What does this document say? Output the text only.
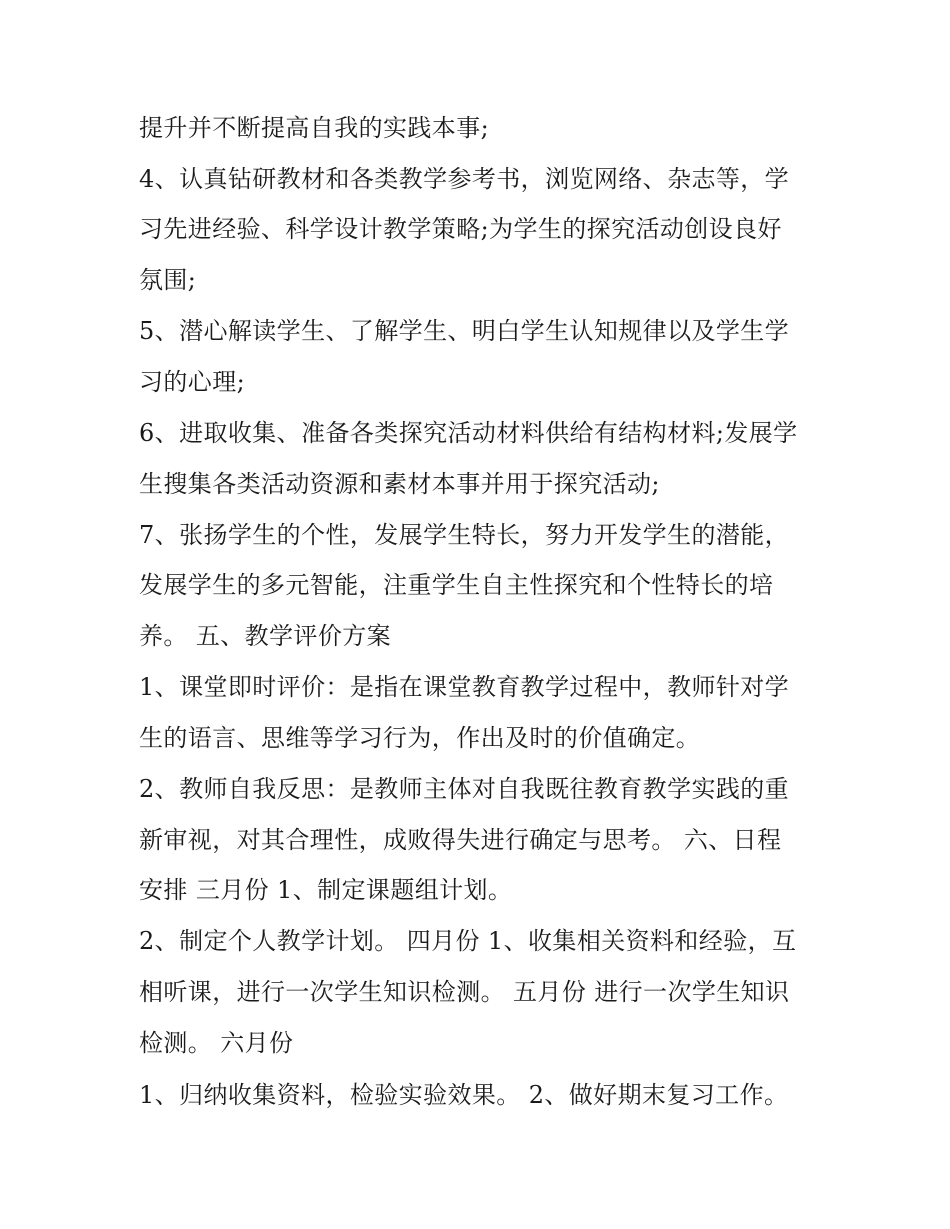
提升并不断提高自我的实践本事;
4、认真钻研教材和各类教学参考书，浏览网络、杂志等，学
习先进经验、科学设计教学策略;为学生的探究活动创设良好
氛围;
5、潜心解读学生、了解学生、明白学生认知规律以及学生学
习的心理;
6、进取收集、准备各类探究活动材料供给有结构材料;发展学
生搜集各类活动资源和素材本事并用于探究活动;
7、张扬学生的个性，发展学生特长，努力开发学生的潜能，
发展学生的多元智能，注重学生自主性探究和个性特长的培
养。 五、教学评价方案
1、课堂即时评价：是指在课堂教育教学过程中，教师针对学
生的语言、思维等学习行为，作出及时的价值确定。
2、教师自我反思：是教师主体对自我既往教育教学实践的重
新审视，对其合理性，成败得失进行确定与思考。 六、日程
安排 三月份 1、制定课题组计划。
2、制定个人教学计划。 四月份 1、收集相关资料和经验，互
相听课，进行一次学生知识检测。 五月份 进行一次学生知识
检测。 六月份
1、归纳收集资料，检验实验效果。 2、做好期末复习工作。
